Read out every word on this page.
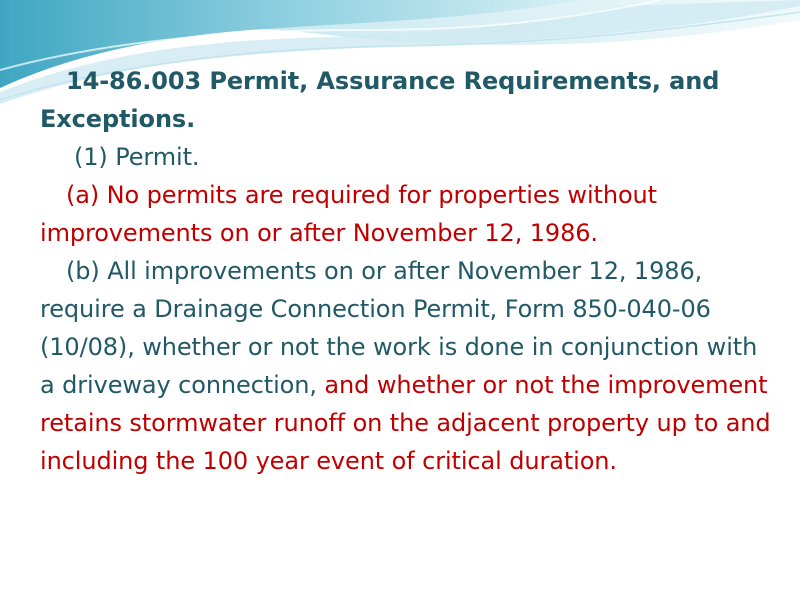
14-86.003 Permit, Assurance Requirements, and Exceptions.

(1) Permit.

(a) No permits are required for properties without improvements on or after November 12, 1986.

(b) All improvements on or after November 12, 1986, require a Drainage Connection Permit, Form 850-040-06 (10/08), whether or not the work is done in conjunction with a driveway connection, and whether or not the improvement retains stormwater runoff on the adjacent property up to and including the 100 year event of critical duration.
